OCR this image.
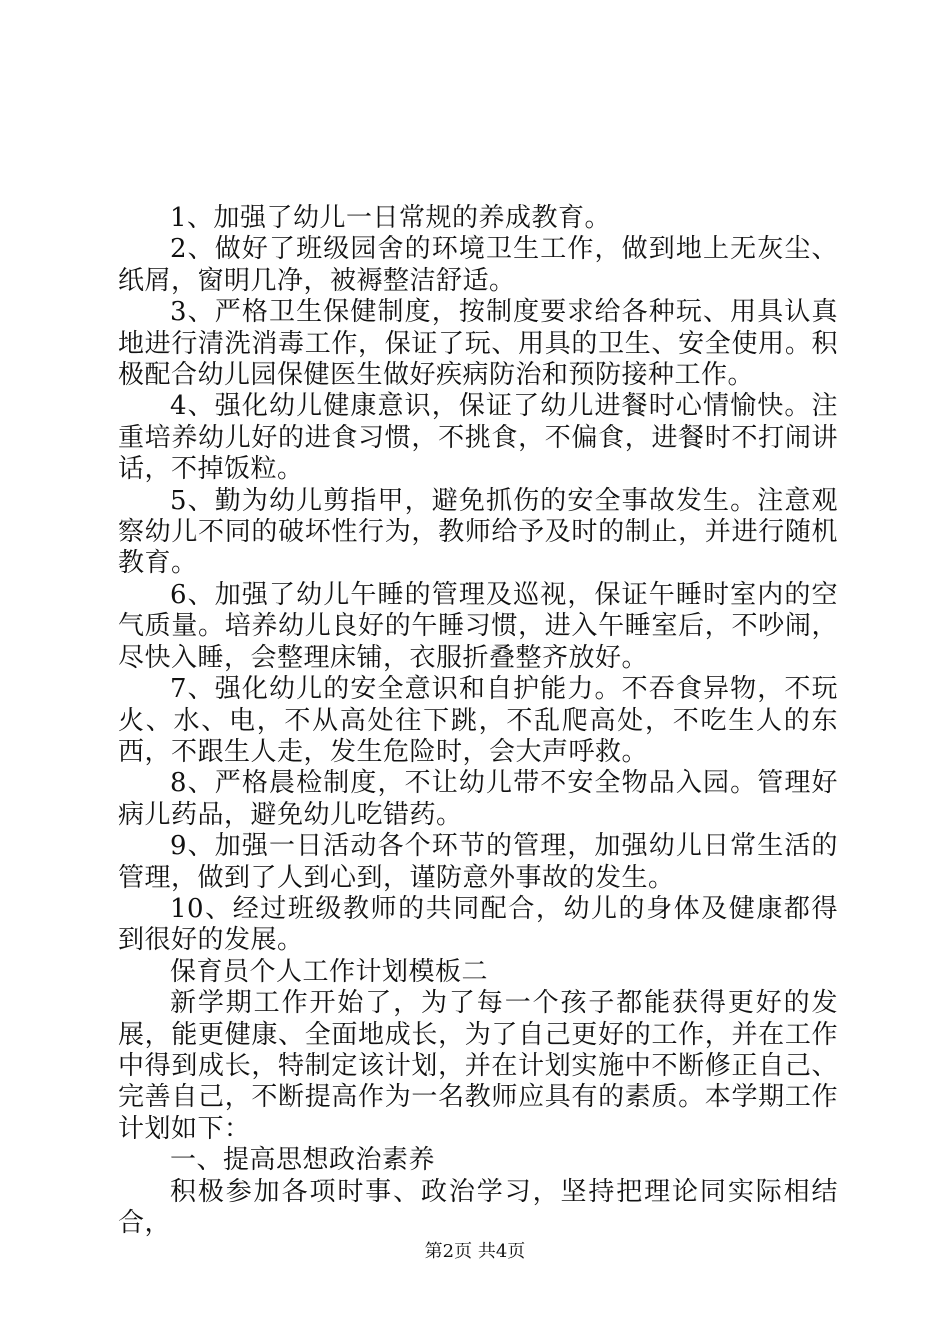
1、加强了幼儿一日常规的养成教育。

2、做好了班级园舍的环境卫生工作，做到地上无灰尘、纸屑，窗明几净，被褥整洁舒适。

3、严格卫生保健制度，按制度要求给各种玩、用具认真地进行清洗消毒工作，保证了玩、用具的卫生、安全使用。积极配合幼儿园保健医生做好疾病防治和预防接种工作。

4、强化幼儿健康意识，保证了幼儿进餐时心情愉快。注重培养幼儿好的进食习惯，不挑食，不偏食，进餐时不打闹讲话，不掉饭粒。

5、勤为幼儿剪指甲，避免抓伤的安全事故发生。注意观察幼儿不同的破坏性行为，教师给予及时的制止，并进行随机教育。

6、加强了幼儿午睡的管理及巡视，保证午睡时室内的空气质量。培养幼儿良好的午睡习惯，进入午睡室后，不吵闹，尽快入睡，会整理床铺，衣服折叠整齐放好。

7、强化幼儿的安全意识和自护能力。不吞食异物，不玩火、水、电，不从高处往下跳，不乱爬高处，不吃生人的东西，不跟生人走，发生危险时，会大声呼救。

8、严格晨检制度，不让幼儿带不安全物品入园。管理好病儿药品，避免幼儿吃错药。

9、加强一日活动各个环节的管理，加强幼儿日常生活的管理，做到了人到心到，谨防意外事故的发生。

10、经过班级教师的共同配合，幼儿的身体及健康都得到很好的发展。

保育员个人工作计划模板二

新学期工作开始了，为了每一个孩子都能获得更好的发展，能更健康、全面地成长，为了自己更好的工作，并在工作中得到成长，特制定该计划，并在计划实施中不断修正自己、完善自己，不断提高作为一名教师应具有的素质。本学期工作计划如下：

一、提高思想政治素养

积极参加各项时事、政治学习，坚持把理论同实际相结合，

第2页 共4页
